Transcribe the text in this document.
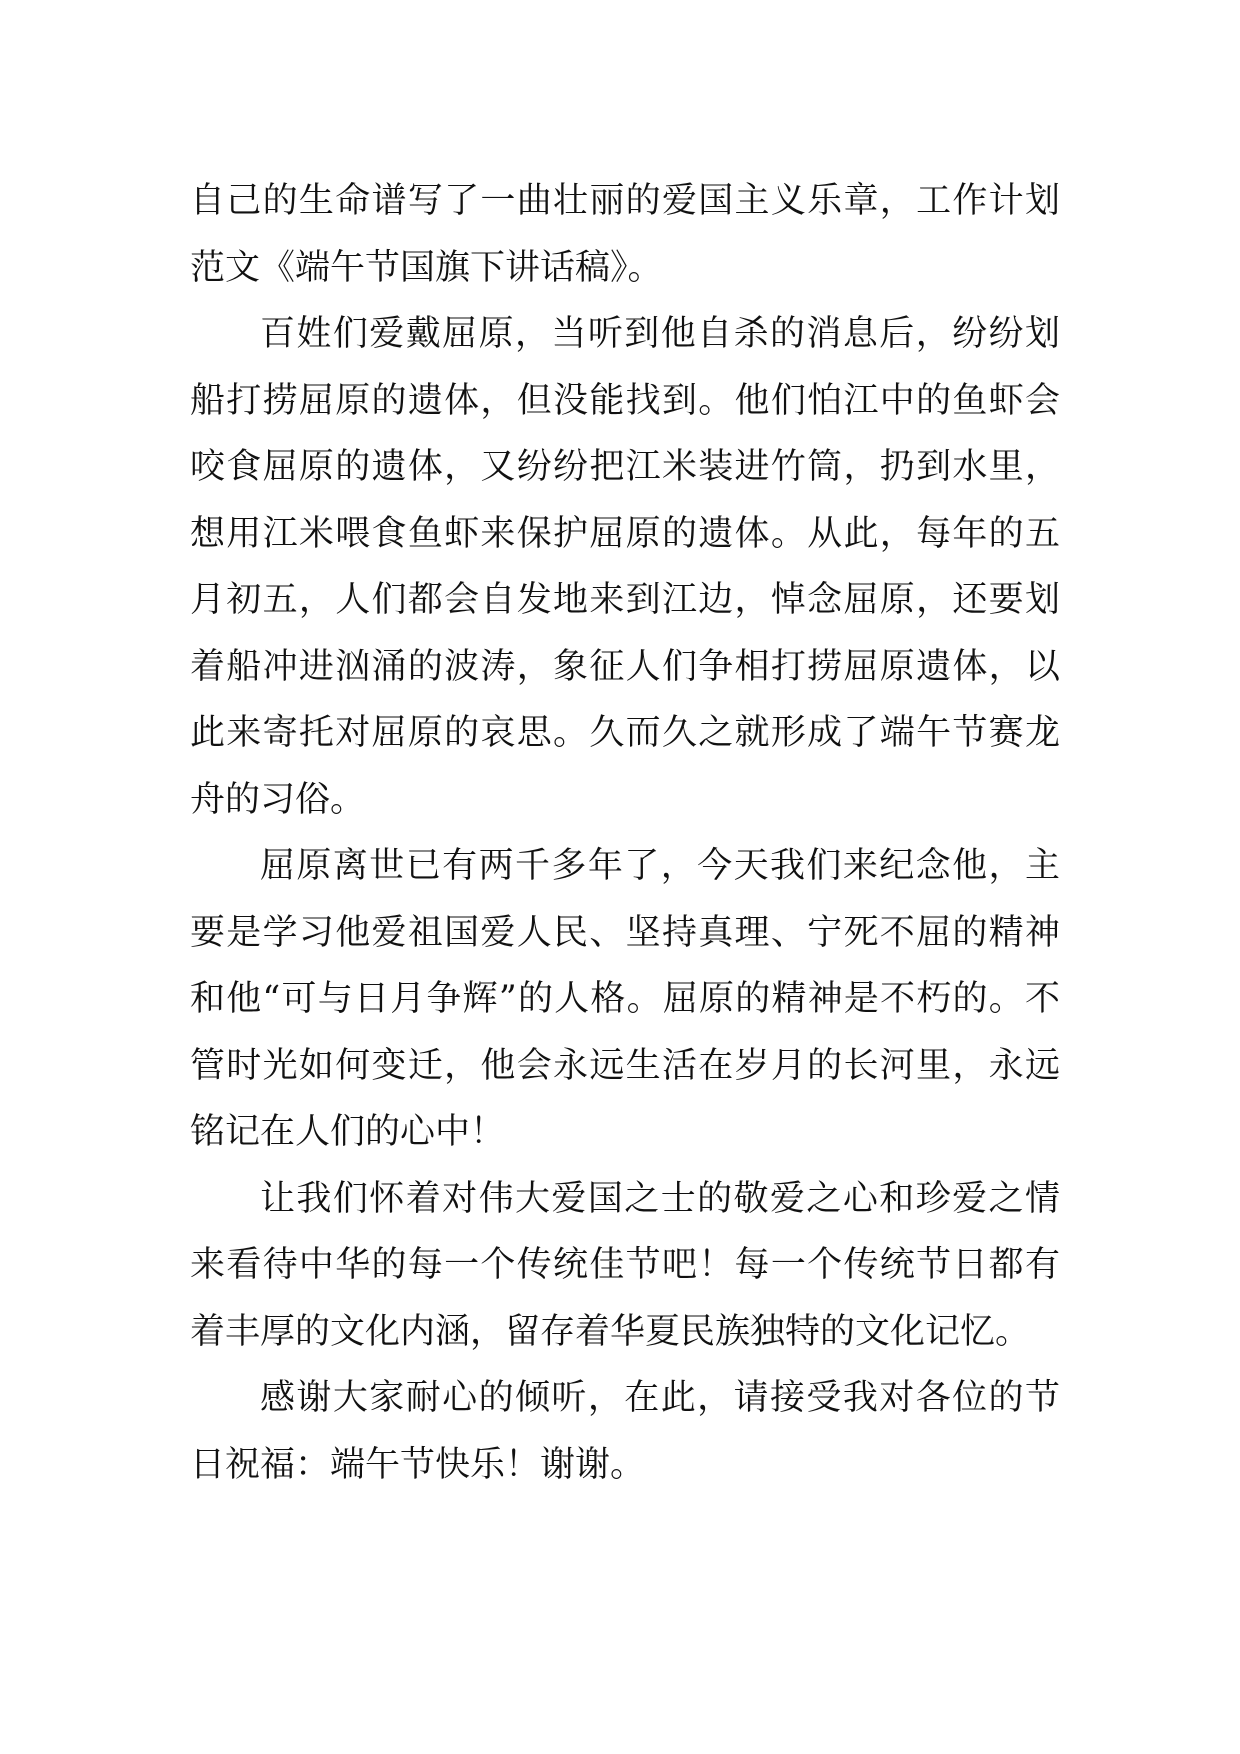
自己的生命谱写了一曲壮丽的爱国主义乐章，工作计划范文《端午节国旗下讲话稿》。

百姓们爱戴屈原，当听到他自杀的消息后，纷纷划船打捞屈原的遗体，但没能找到。他们怕江中的鱼虾会咬食屈原的遗体，又纷纷把江米装进竹筒，扔到水里，想用江米喂食鱼虾来保护屈原的遗体。从此，每年的五月初五，人们都会自发地来到江边，悼念屈原，还要划着船冲进汹涌的波涛，象征人们争相打捞屈原遗体，以此来寄托对屈原的哀思。久而久之就形成了端午节赛龙舟的习俗。

屈原离世已有两千多年了，今天我们来纪念他，主要是学习他爱祖国爱人民、坚持真理、宁死不屈的精神和他“可与日月争辉”的人格。屈原的精神是不朽的。不管时光如何变迁，他会永远生活在岁月的长河里，永远铭记在人们的心中！

让我们怀着对伟大爱国之士的敬爱之心和珍爱之情来看待中华的每一个传统佳节吧！每一个传统节日都有着丰厚的文化内涵，留存着华夏民族独特的文化记忆。

感谢大家耐心的倾听，在此，请接受我对各位的节日祝福：端午节快乐！谢谢。
